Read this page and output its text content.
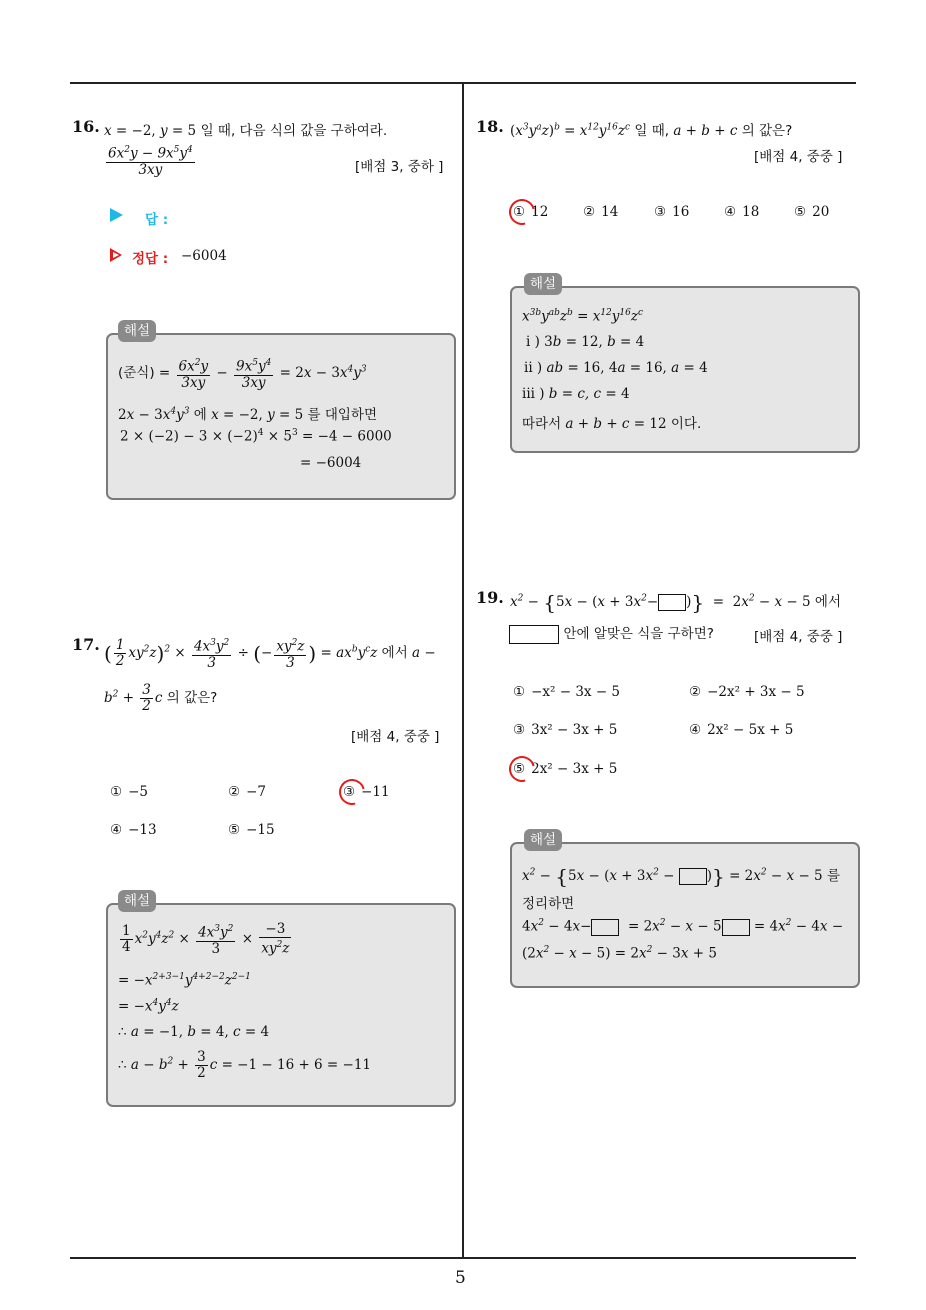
5
16. x = −2, y = 5 일 때, 다음 식의 값을 구하여라.
$\frac{6x^2y - 9x^5y^4}{3xy}$	[배점 3, 중하 ]
답 :
정답 : −6004
해설
(준식) = $\frac{6x^2y}{3xy} - \frac{9x^5y^4}{3xy} = 2x - 3x^4y^3$
$2x - 3x^4y^3$ 에 x = −2, y = 5 를 대입하면
$2 \times (-2) - 3 \times (-2)^4 \times 5^3 = -4 - 6000$
= −6004
17. ( $\frac{1}{2} xy^2z)^2 \times \frac{4x^3y^2}{3}$ ÷ (− $\frac{xy^2z}{3}$ ) = $ax^by^cz$ 에서 a −
$b^2 + \frac{3}{2}$ c 의 값은?
[배점 4, 중중 ]
① −5	② −7	③ −11
④ −13	⑤ −15
해설
$\frac{1}{4} x^2y^4z^2 \times \frac{4x^3y^2}{3} \times \frac{-3}{xy^2z}$
= $-x^{2+3-1}y^{4+2-2}z^{2-1}$
= $-x^4y^4z$
∴ a = −1, b = 4, c = 4
∴ $a - b^2 + \frac{3}{2}$ c = −1 − 16 + 6 = −11
18. $(x^3y^az)^b = x^{12}y^{16}z^c$ 일 때, a + b + c 의 값은?
[배점 4, 중중 ]
① 12	② 14	③ 16	④ 18	⑤ 20
해설
$x^{3b}y^{ab}z^b = x^{12}y^{16}z^c$
i ) 3b = 12, b = 4
ii ) ab = 16, 4a = 16, a = 4
iii ) b = c, c = 4
따라서 a + b + c = 12 이다.
19. $x^2 - \{5x - (x + 3x^2-$ )}  =  $2x^2 - x - 5$ 에서
안에 알맞은 식을 구하면?	[배점 4, 중중 ]
① −x² − 3x − 5	② −2x² + 3x − 5
③ 3x² − 3x + 5	④ 2x² − 5x + 5
⑤ 2x² − 3x + 5
해설
$x^2 - \{5x - (x + 3x^2$ − )} = $2x^2 - x - 5$ 를
정리하면
$4x^2 - 4x- = 2x^2 - x - 5 = 4x^2 - 4x$ −
$(2x^2 - x - 5) = 2x^2 - 3x + 5$
